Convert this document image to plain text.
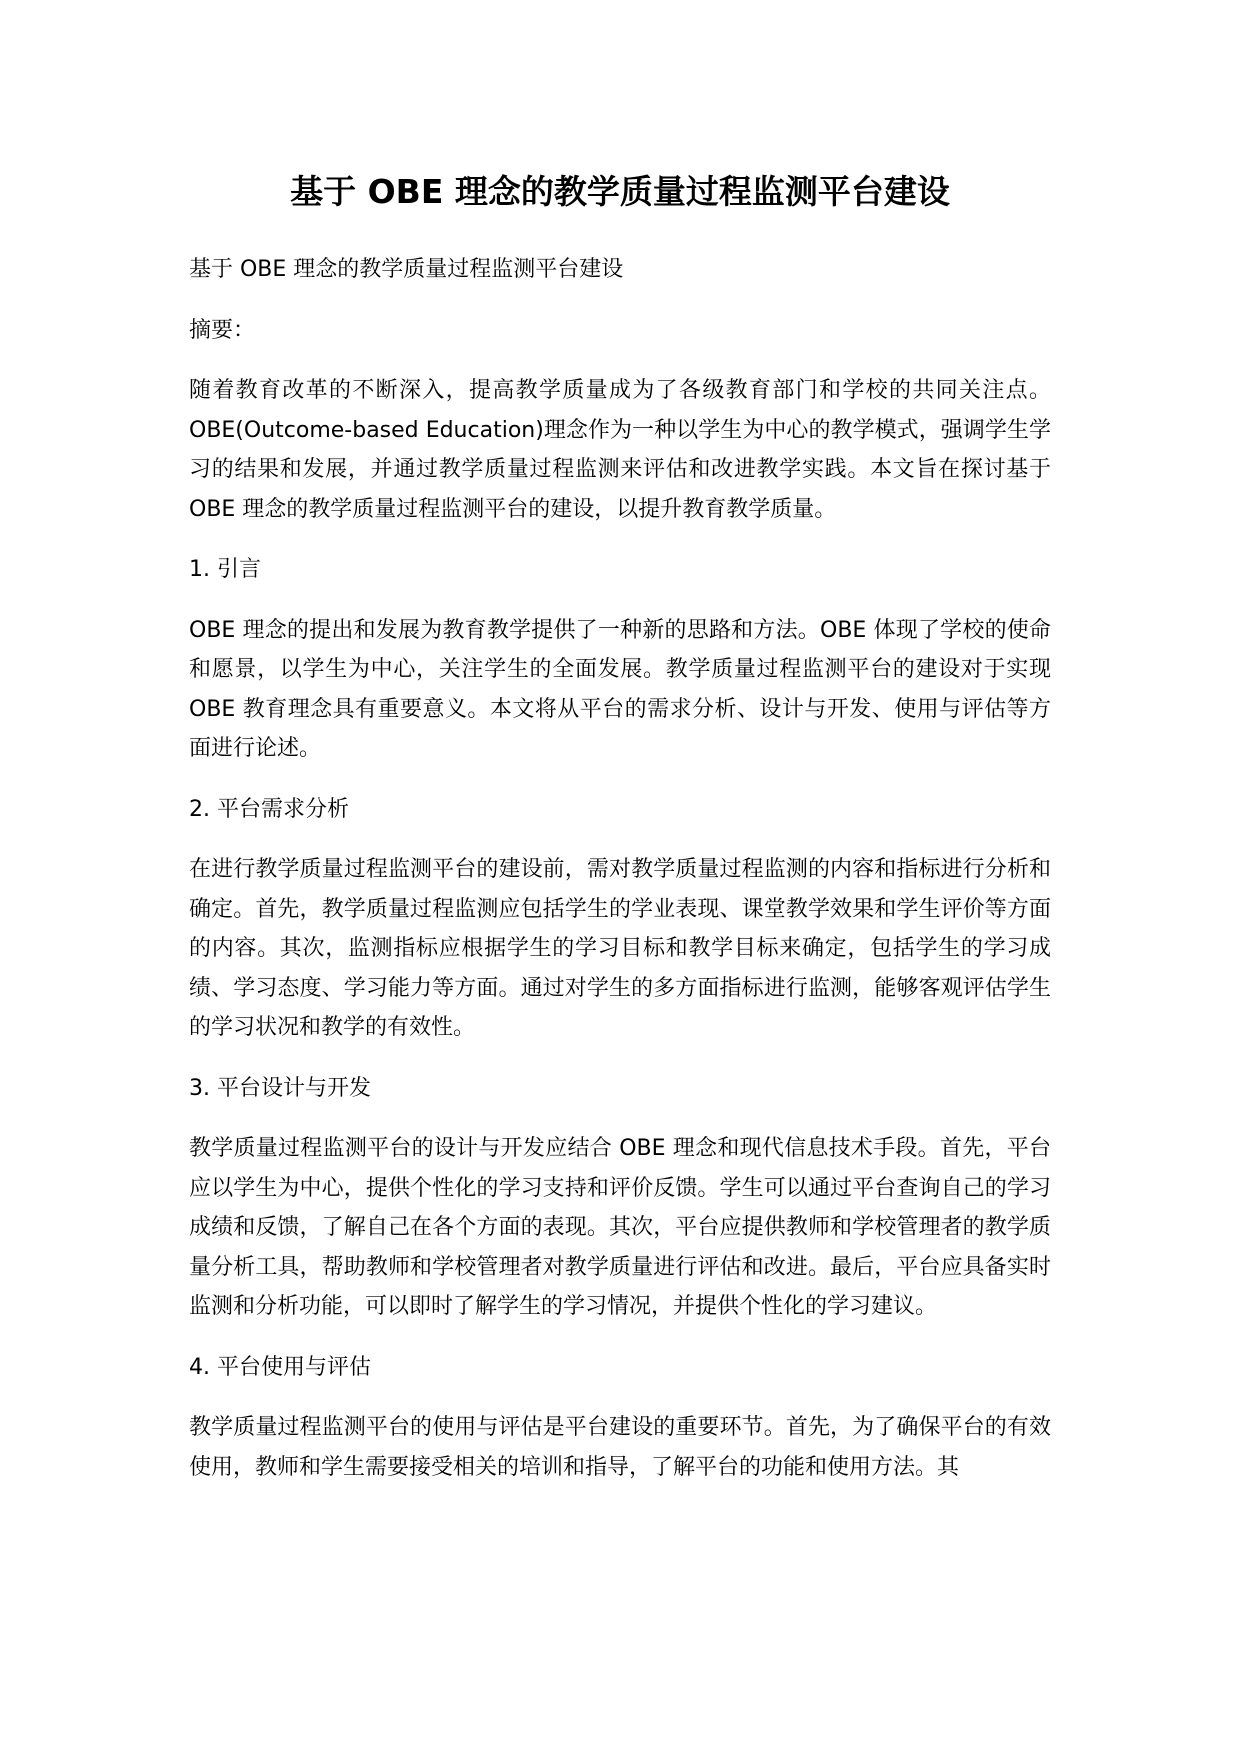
基于 OBE 理念的教学质量过程监测平台建设

基于 OBE 理念的教学质量过程监测平台建设

摘要：

随着教育改革的不断深入，提高教学质量成为了各级教育部门和学校的共同关注点。OBE(Outcome-based Education)理念作为一种以学生为中心的教学模式，强调学生学习的结果和发展，并通过教学质量过程监测来评估和改进教学实践。本文旨在探讨基于 OBE 理念的教学质量过程监测平台的建设，以提升教育教学质量。

1. 引言

OBE 理念的提出和发展为教育教学提供了一种新的思路和方法。OBE 体现了学校的使命和愿景，以学生为中心，关注学生的全面发展。教学质量过程监测平台的建设对于实现 OBE 教育理念具有重要意义。本文将从平台的需求分析、设计与开发、使用与评估等方面进行论述。

2. 平台需求分析

在进行教学质量过程监测平台的建设前，需对教学质量过程监测的内容和指标进行分析和确定。首先，教学质量过程监测应包括学生的学业表现、课堂教学效果和学生评价等方面的内容。其次，监测指标应根据学生的学习目标和教学目标来确定，包括学生的学习成绩、学习态度、学习能力等方面。通过对学生的多方面指标进行监测，能够客观评估学生的学习状况和教学的有效性。

3. 平台设计与开发

教学质量过程监测平台的设计与开发应结合 OBE 理念和现代信息技术手段。首先，平台应以学生为中心，提供个性化的学习支持和评价反馈。学生可以通过平台查询自己的学习成绩和反馈，了解自己在各个方面的表现。其次，平台应提供教师和学校管理者的教学质量分析工具，帮助教师和学校管理者对教学质量进行评估和改进。最后，平台应具备实时监测和分析功能，可以即时了解学生的学习情况，并提供个性化的学习建议。

4. 平台使用与评估

教学质量过程监测平台的使用与评估是平台建设的重要环节。首先，为了确保平台的有效使用，教师和学生需要接受相关的培训和指导，了解平台的功能和使用方法。其
